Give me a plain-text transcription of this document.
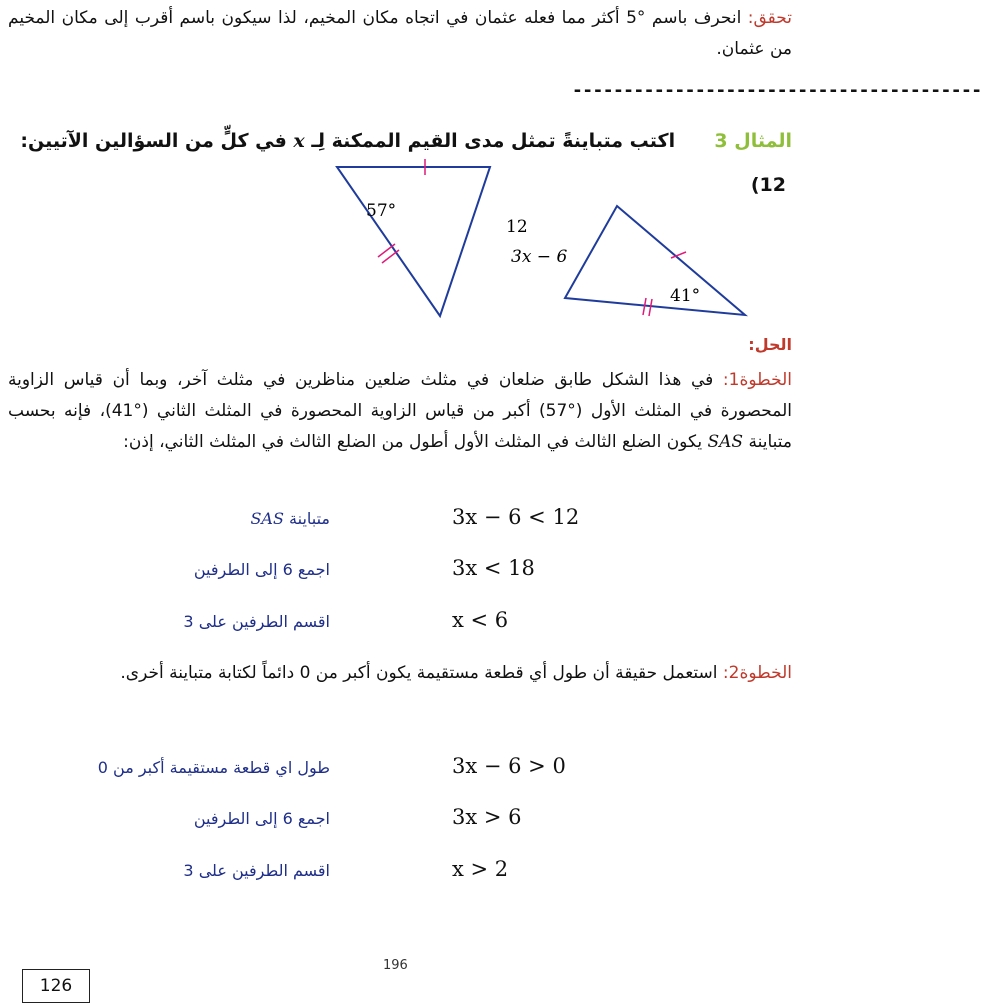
تحقق: انحرف باسم °5 أكثر مما فعله عثمان في اتجاه مكان المخيم، لذا سيكون باسم أقرب إلى مكان المخيم من عثمان.
----------------------------------------
المثال 3  اكتب متباينةً تمثل مدى القيم الممكنة لِـ x في كلٍّ من السؤالين الآتيين:
(12
57°
12
41°
3x − 6
الحل:
الخطوة1: في هذا الشكل طابق ضلعان في مثلث ضلعين مناظرين في مثلث آخر، وبما أن قياس الزاوية المحصورة في المثلث الأول (°57) أكبر من قياس الزاوية المحصورة في المثلث الثاني (°41)، فإنه بحسب متباينة SAS يكون الضلع الثالث في المثلث الأول أطول من الضلع الثالث في المثلث الثاني، إذن:
3x − 6 < 12
متباينة SAS
3x < 18
اجمع 6 إلى الطرفين
x < 6
اقسم الطرفين على 3
الخطوة2: استعمل حقيقة أن طول أي قطعة مستقيمة يكون أكبر من 0 دائماً لكتابة متباينة أخرى.
3x − 6 > 0
طول اي قطعة مستقيمة أكبر من 0
3x > 6
اجمع 6 إلى الطرفين
x > 2
اقسم الطرفين على 3
196
126
